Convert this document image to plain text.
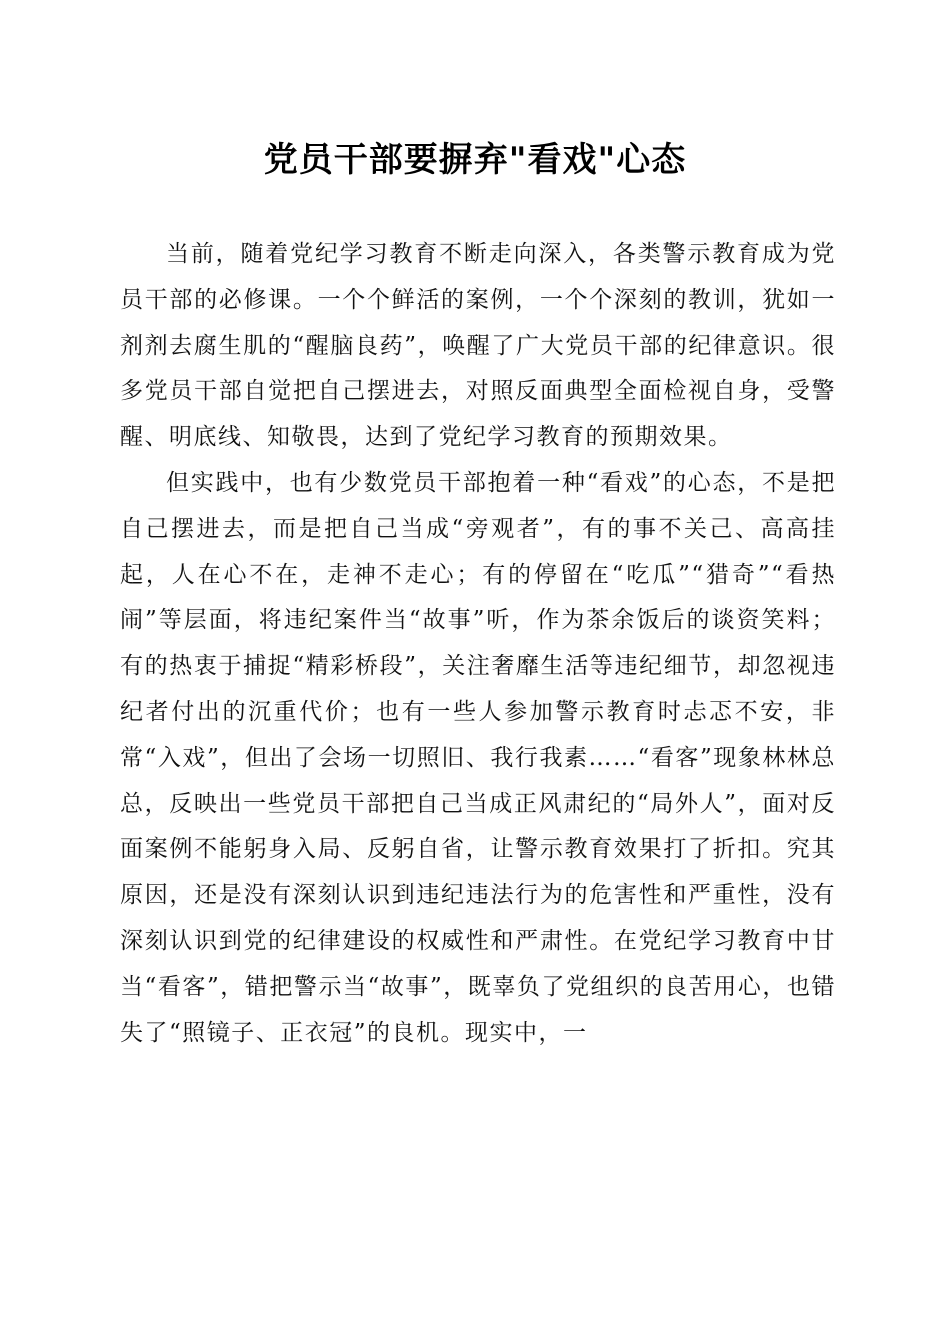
党员干部要摒弃"看戏"心态

当前，随着党纪学习教育不断走向深入，各类警示教育成为党员干部的必修课。一个个鲜活的案例，一个个深刻的教训，犹如一剂剂去腐生肌的“醒脑良药”，唤醒了广大党员干部的纪律意识。很多党员干部自觉把自己摆进去，对照反面典型全面检视自身，受警醒、明底线、知敬畏，达到了党纪学习教育的预期效果。

但实践中，也有少数党员干部抱着一种“看戏”的心态，不是把自己摆进去，而是把自己当成“旁观者”，有的事不关己、高高挂起，人在心不在，走神不走心；有的停留在“吃瓜”“猎奇”“看热闹”等层面，将违纪案件当“故事”听，作为茶余饭后的谈资笑料；有的热衷于捕捉“精彩桥段”，关注奢靡生活等违纪细节，却忽视违纪者付出的沉重代价；也有一些人参加警示教育时忐忑不安，非常“入戏”，但出了会场一切照旧、我行我素……“看客”现象林林总总，反映出一些党员干部把自己当成正风肃纪的“局外人”，面对反面案例不能躬身入局、反躬自省，让警示教育效果打了折扣。究其原因，还是没有深刻认识到违纪违法行为的危害性和严重性，没有深刻认识到党的纪律建设的权威性和严肃性。在党纪学习教育中甘当“看客”，错把警示当“故事”，既辜负了党组织的良苦用心，也错失了“照镜子、正衣冠”的良机。现实中，一
